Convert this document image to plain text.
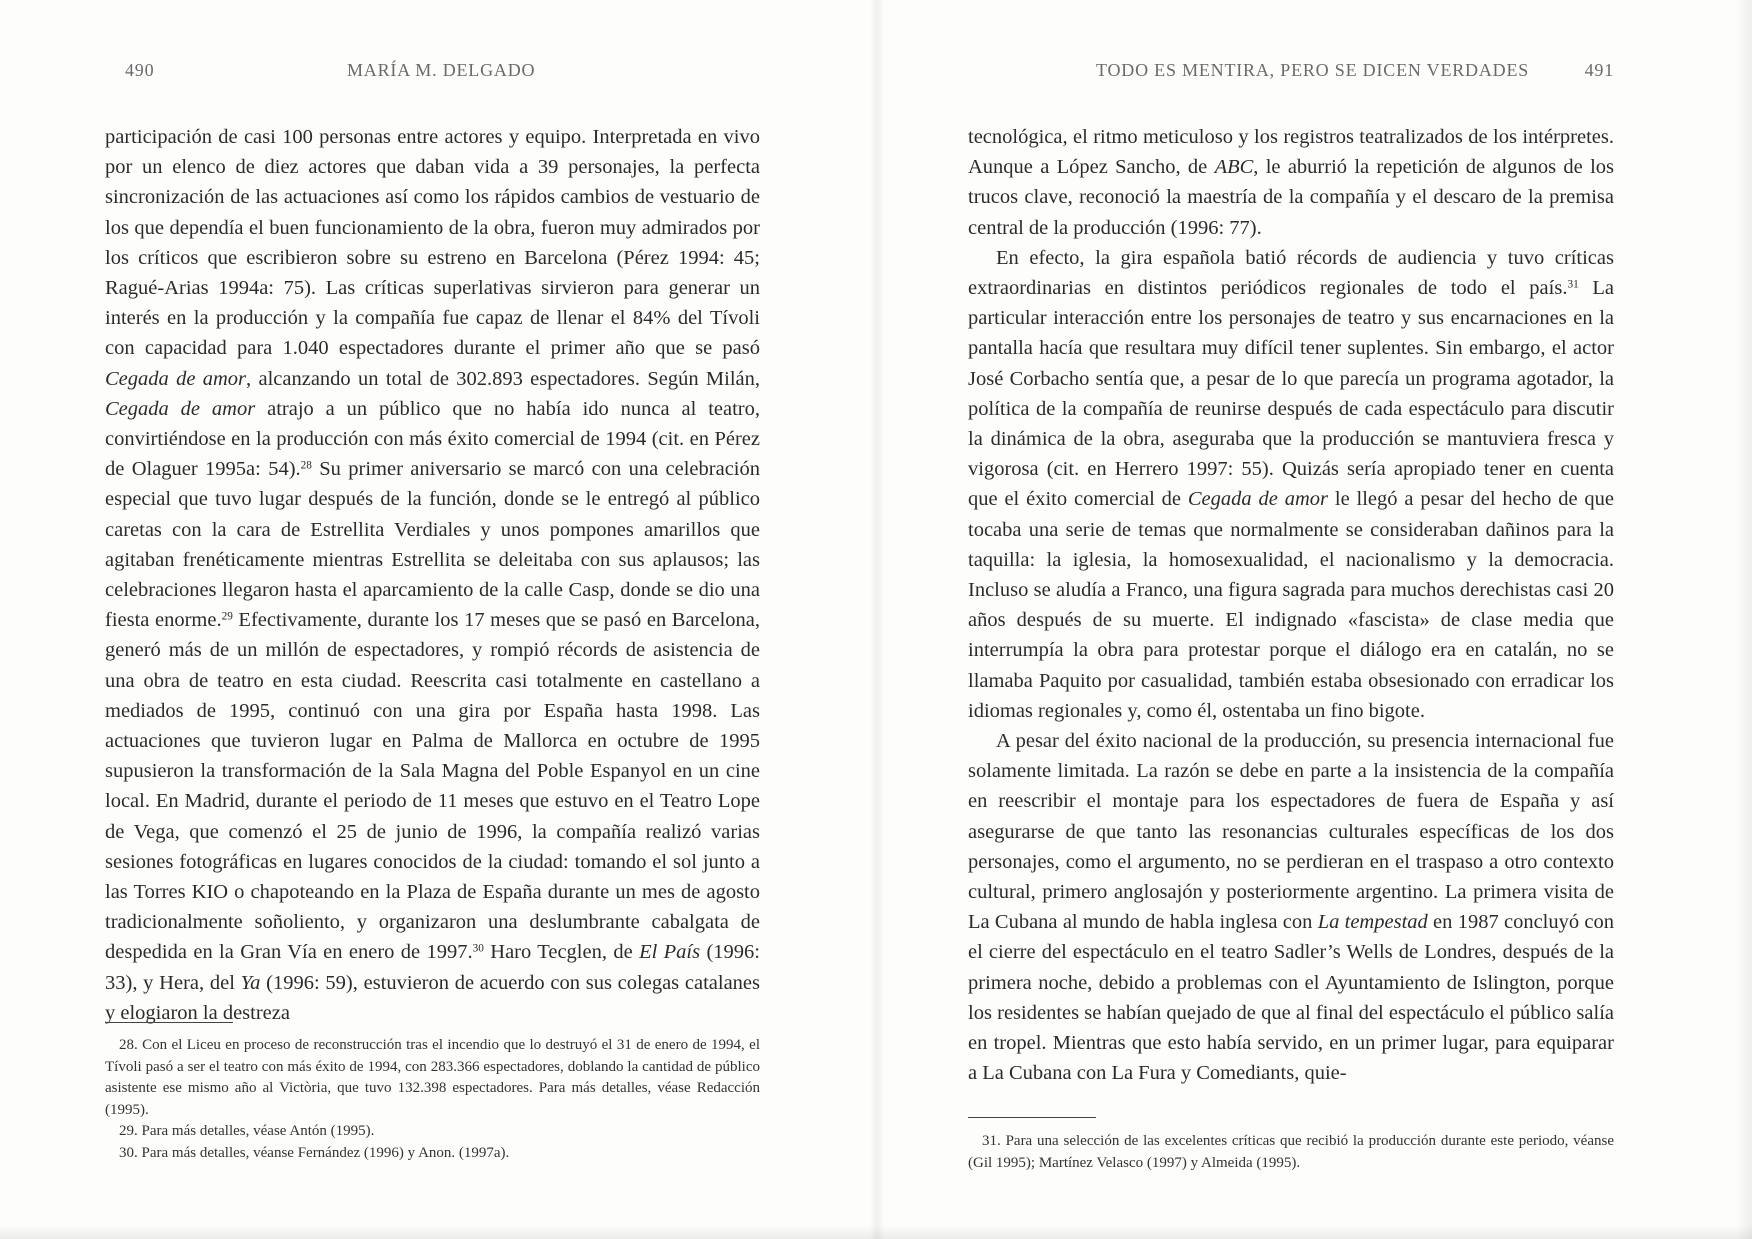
490	MARÍA M. DELGADO

participación de casi 100 personas entre actores y equipo. Interpretada en vivo por un elenco de diez actores que daban vida a 39 personajes, la perfecta sincronización de las actuaciones así como los rápidos cambios de vestuario de los que dependía el buen funcionamiento de la obra, fueron muy admirados por los críticos que escribieron sobre su estreno en Barcelona (Pérez 1994: 45; Ragué-Arias 1994a: 75). Las críticas superlativas sirvieron para generar un interés en la producción y la compañía fue capaz de llenar el 84% del Tívoli con capacidad para 1.040 espectadores durante el primer año que se pasó Cegada de amor, alcanzando un total de 302.893 espectadores. Según Milán, Cegada de amor atrajo a un público que no había ido nunca al teatro, convirtiéndose en la producción con más éxito comercial de 1994 (cit. en Pérez de Olaguer 1995a: 54).$^{28}$ Su primer aniversario se marcó con una celebración especial que tuvo lugar después de la función, donde se le entregó al público caretas con la cara de Estrellita Verdiales y unos pompones amarillos que agitaban frenéticamente mientras Estrellita se deleitaba con sus aplausos; las celebraciones llegaron hasta el aparcamiento de la calle Casp, donde se dio una fiesta enorme.$^{29}$ Efectivamente, durante los 17 meses que se pasó en Barcelona, generó más de un millón de espectadores, y rompió récords de asistencia de una obra de teatro en esta ciudad. Reescrita casi totalmente en castellano a mediados de 1995, continuó con una gira por España hasta 1998. Las actuaciones que tuvieron lugar en Palma de Mallorca en octubre de 1995 supusieron la transformación de la Sala Magna del Poble Espanyol en un cine local. En Madrid, durante el periodo de 11 meses que estuvo en el Teatro Lope de Vega, que comenzó el 25 de junio de 1996, la compañía realizó varias sesiones fotográficas en lugares conocidos de la ciudad: tomando el sol junto a las Torres KIO o chapoteando en la Plaza de España durante un mes de agosto tradicionalmente soñoliento, y organizaron una deslumbrante cabalgata de despedida en la Gran Vía en enero de 1997.30 Haro Tecglen, de El País (1996: 33), y Hera, del Ya (1996: 59), estuvieron de acuerdo con sus colegas catalanes y elogiaron la destreza

28. Con el Liceu en proceso de reconstrucción tras el incendio que lo destruyó el 31 de enero de 1994, el Tívoli pasó a ser el teatro con más éxito de 1994, con 283.366 espectadores, doblando la cantidad de público asistente ese mismo año al Victòria, que tuvo 132.398 espectadores. Para más detalles, véase Redacción (1995).

29. Para más detalles, véase Antón (1995).

30. Para más detalles, véanse Fernández (1996) y Anon. (1997a).

TODO ES MENTIRA, PERO SE DICEN VERDADES	491

tecnológica, el ritmo meticuloso y los registros teatralizados de los intérpretes. Aunque a López Sancho, de ABC, le aburrió la repetición de algunos de los trucos clave, reconoció la maestría de la compañía y el descaro de la premisa central de la producción (1996: 77).

En efecto, la gira española batió récords de audiencia y tuvo críticas extraordinarias en distintos periódicos regionales de todo el país.$^{31}$ La particular interacción entre los personajes de teatro y sus encarnaciones en la pantalla hacía que resultara muy difícil tener suplentes. Sin embargo, el actor José Corbacho sentía que, a pesar de lo que parecía un programa agotador, la política de la compañía de reunirse después de cada espectáculo para discutir la dinámica de la obra, aseguraba que la producción se mantuviera fresca y vigorosa (cit. en Herrero 1997: 55). Quizás sería apropiado tener en cuenta que el éxito comercial de Cegada de amor le llegó a pesar del hecho de que tocaba una serie de temas que normalmente se consideraban dañinos para la taquilla: la iglesia, la homosexualidad, el nacionalismo y la democracia. Incluso se aludía a Franco, una figura sagrada para muchos derechistas casi 20 años después de su muerte. El indignado «fascista» de clase media que interrumpía la obra para protestar porque el diálogo era en catalán, no se llamaba Paquito por casualidad, también estaba obsesionado con erradicar los idiomas regionales y, como él, ostentaba un fino bigote.

A pesar del éxito nacional de la producción, su presencia internacional fue solamente limitada. La razón se debe en parte a la insistencia de la compañía en reescribir el montaje para los espectadores de fuera de España y así asegurarse de que tanto las resonancias culturales específicas de los dos personajes, como el argumento, no se perdieran en el traspaso a otro contexto cultural, primero anglosajón y posteriormente argentino. La primera visita de La Cubana al mundo de habla inglesa con La tempestad en 1987 concluyó con el cierre del espectáculo en el teatro Sadler’s Wells de Londres, después de la primera noche, debido a problemas con el Ayuntamiento de Islington, porque los residentes se habían quejado de que al final del espectáculo el público salía en tropel. Mientras que esto había servido, en un primer lugar, para equiparar a La Cubana con La Fura y Comediants, quie-

31. Para una selección de las excelentes críticas que recibió la producción durante este periodo, véanse (Gil 1995); Martínez Velasco (1997) y Almeida (1995).
